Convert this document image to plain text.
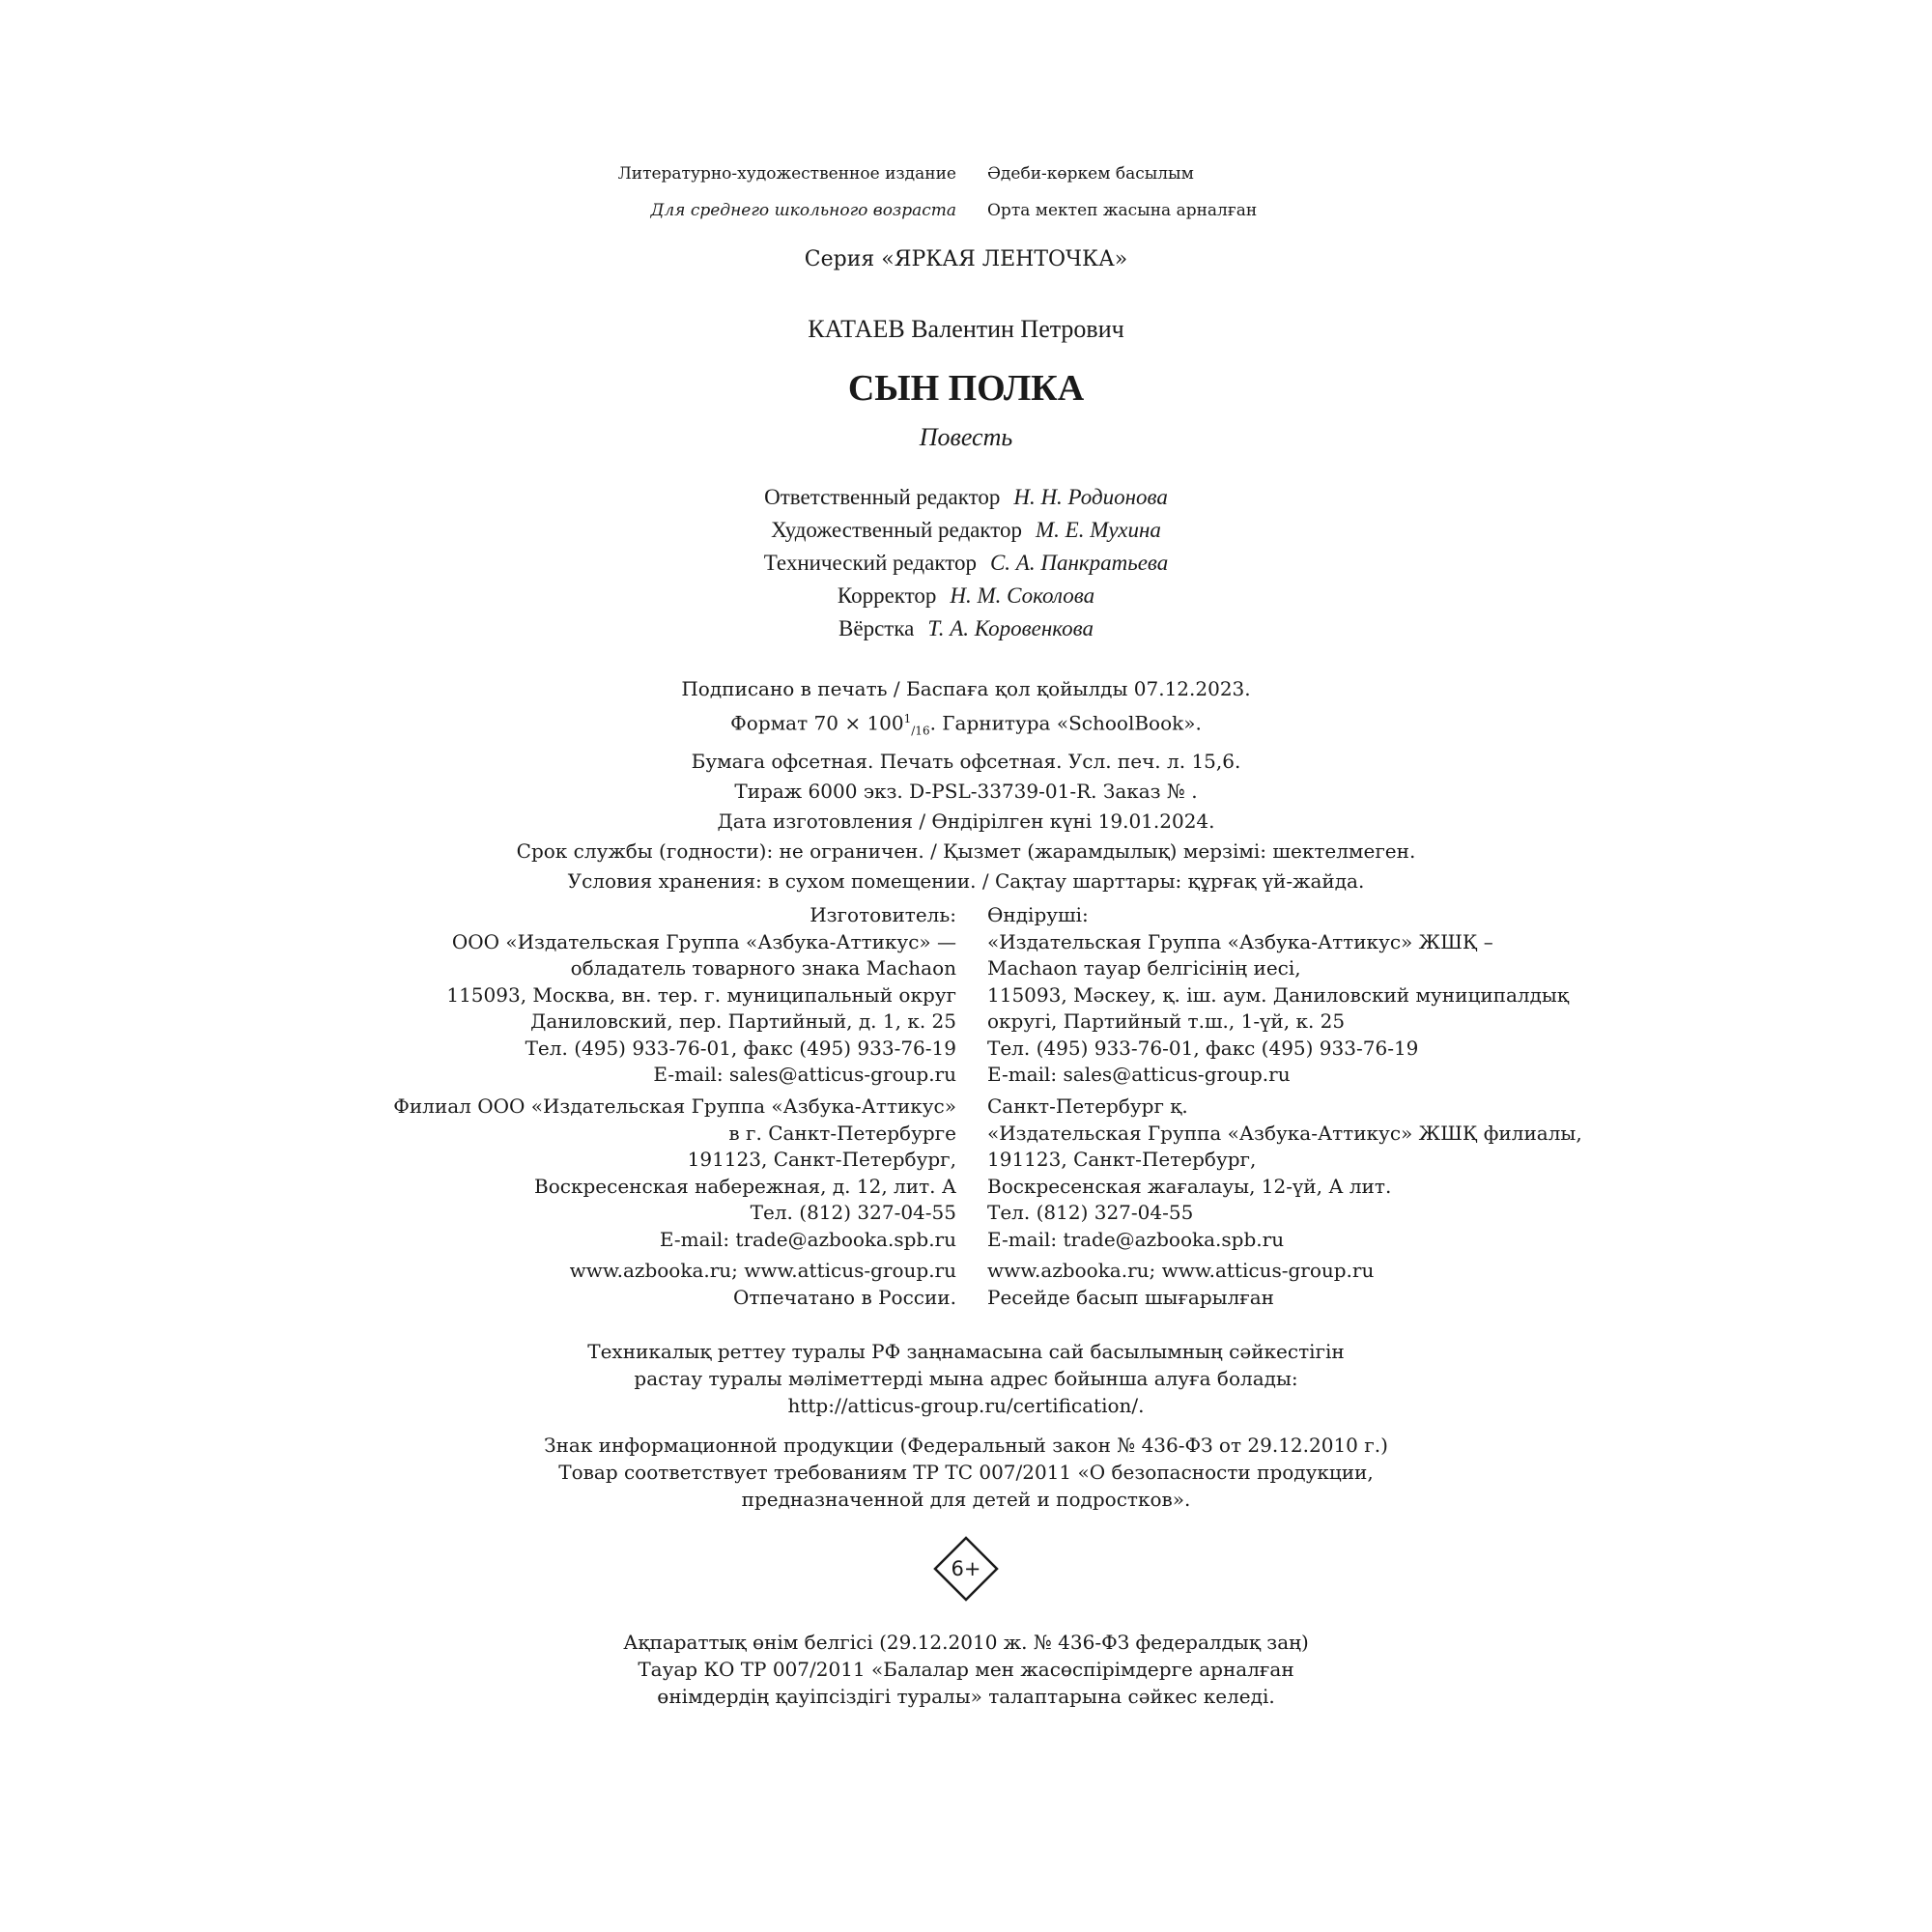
Литературно-художественное издание Әдеби-көркем басылым
Для среднего школьного возраста Орта мектеп жасына арналған
Серия «ЯРКАЯ ЛЕНТОЧКА»
КАТАЕВ Валентин Петрович
СЫН ПОЛКА
Повесть
Ответственный редактор Н. Н. Родионова
Художественный редактор М. Е. Мухина
Технический редактор С. А. Панкратьева
Корректор Н. М. Соколова
Вёрстка Т. А. Коровенкова
Подписано в печать / Баспаға қол қойылды 07.12.2023.
Формат $70 \times 100^1_{/16}$. Гарнитура «SchoolBook».
Бумага офсетная. Печать офсетная. Усл. печ. л. 15,6.
Тираж 6000 экз. D-PSL-33739-01-R. Заказ № .
Дата изготовления / Өндірілген күні 19.01.2024.
Срок службы (годности): не ограничен. / Қызмет (жарамдылық) мерзімі: шектелмеген.
Условия хранения: в сухом помещении. / Сақтау шарттары: құрғақ үй-жайда.
Изготовитель:
ООО «Издательская Группа «Азбука-Аттикус» —
обладатель товарного знака Machaon
115093, Москва, вн. тер. г. муниципальный округ
Даниловский, пер. Партийный, д. 1, к. 25
Тел. (495) 933-76-01, факс (495) 933-76-19
E-mail: sales@atticus-group.ru
Өндіруші:
«Издательская Группа «Азбука-Аттикус» ЖШҚ –
Machaon тауар белгісінің иесі,
115093, Мәскеу, қ. іш. аум. Даниловский муниципалдық
округі, Партийный т.ш., 1-үй, к. 25
Тел. (495) 933-76-01, факс (495) 933-76-19
E-mail: sales@atticus-group.ru
Филиал ООО «Издательская Группа «Азбука-Аттикус»
в г. Санкт-Петербурге
191123, Санкт-Петербург,
Воскресенская набережная, д. 12, лит. А
Тел. (812) 327-04-55
E-mail: trade@azbooka.spb.ru
Санкт-Петербург қ.
«Издательская Группа «Азбука-Аттикус» ЖШҚ филиалы,
191123, Санкт-Петербург,
Воскресенская жағалауы, 12-үй, А лит.
Тел. (812) 327-04-55
E-mail: trade@azbooka.spb.ru
www.azbooka.ru; www.atticus-group.ru
Отпечатано в России.
www.azbooka.ru; www.atticus-group.ru
Ресейде басып шығарылған
Техникалық реттеу туралы РФ заңнамасына сай басылымның сәйкестігін
растау туралы мәліметтерді мына адрес бойынша алуға болады:
http://atticus-group.ru/certification/.
Знак информационной продукции (Федеральный закон № 436-ФЗ от 29.12.2010 г.)
Товар соответствует требованиям ТР ТС 007/2011 «О безопасности продукции,
предназначенной для детей и подростков».
6+
Ақпараттық өнім белгісі (29.12.2010 ж. № 436-ФЗ федералдық заң)
Тауар КО ТР 007/2011 «Балалар мен жасөспірімдерге арналған
өнімдердің қауіпсіздігі туралы» талаптарына сәйкес келеді.
